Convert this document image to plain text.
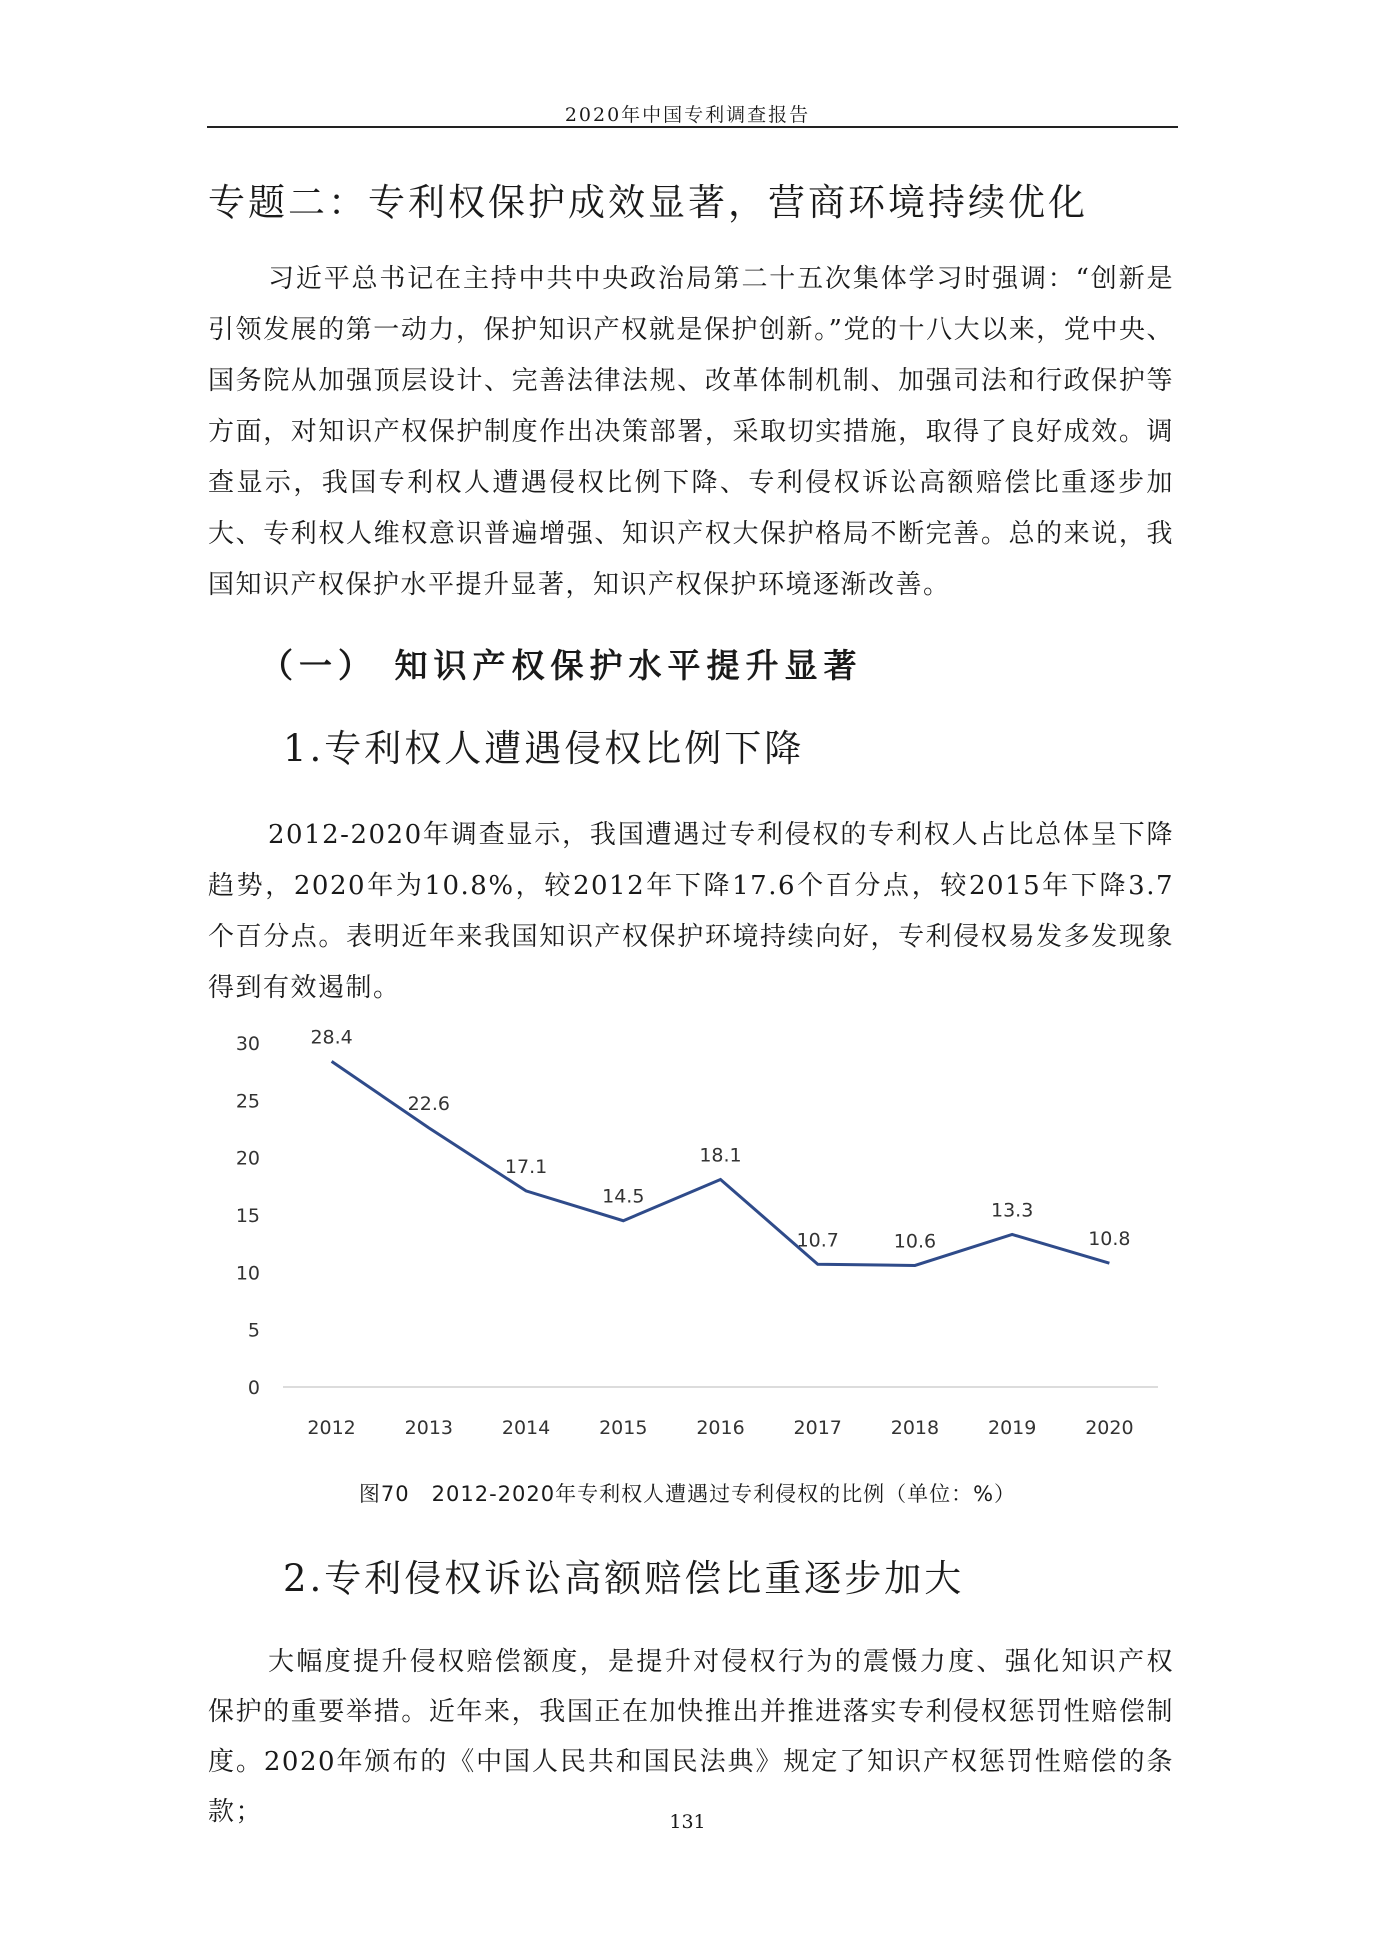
2020年中国专利调查报告
专题二：专利权保护成效显著，营商环境持续优化

习近平总书记在主持中共中央政治局第二十五次集体学习时强调：“创新是引领发展的第一动力，保护知识产权就是保护创新。”党的十八大以来，党中央、国务院从加强顶层设计、完善法律法规、改革体制机制、加强司法和行政保护等方面，对知识产权保护制度作出决策部署，采取切实措施，取得了良好成效。调查显示，我国专利权人遭遇侵权比例下降、专利侵权诉讼高额赔偿比重逐步加大、专利权人维权意识普遍增强、知识产权大保护格局不断完善。总的来说，我国知识产权保护水平提升显著，知识产权保护环境逐渐改善。

（一） 知识产权保护水平提升显著
1.专利权人遭遇侵权比例下降

2012-2020年调查显示，我国遭遇过专利侵权的专利权人占比总体呈下降趋势，2020年为10.8%，较2012年下降17.6个百分点，较2015年下降3.7个百分点。表明近年来我国知识产权保护环境持续向好，专利侵权易发多发现象得到有效遏制。

0
5
10
15
20
25
30	28.4
22.6
17.1
14.5
18.1
10.7	10.6
13.3
10.8
2012	2013	2014	2015	2016	2017	2018	2019	2020
图70　2012-2020年专利权人遭遇过专利侵权的比例（单位：%）
2.专利侵权诉讼高额赔偿比重逐步加大

大幅度提升侵权赔偿额度，是提升对侵权行为的震慑力度、强化知识产权保护的重要举措。近年来，我国正在加快推出并推进落实专利侵权惩罚性赔偿制度。2020年颁布的《中国人民共和国民法典》规定了知识产权惩罚性赔偿的条款；	131
